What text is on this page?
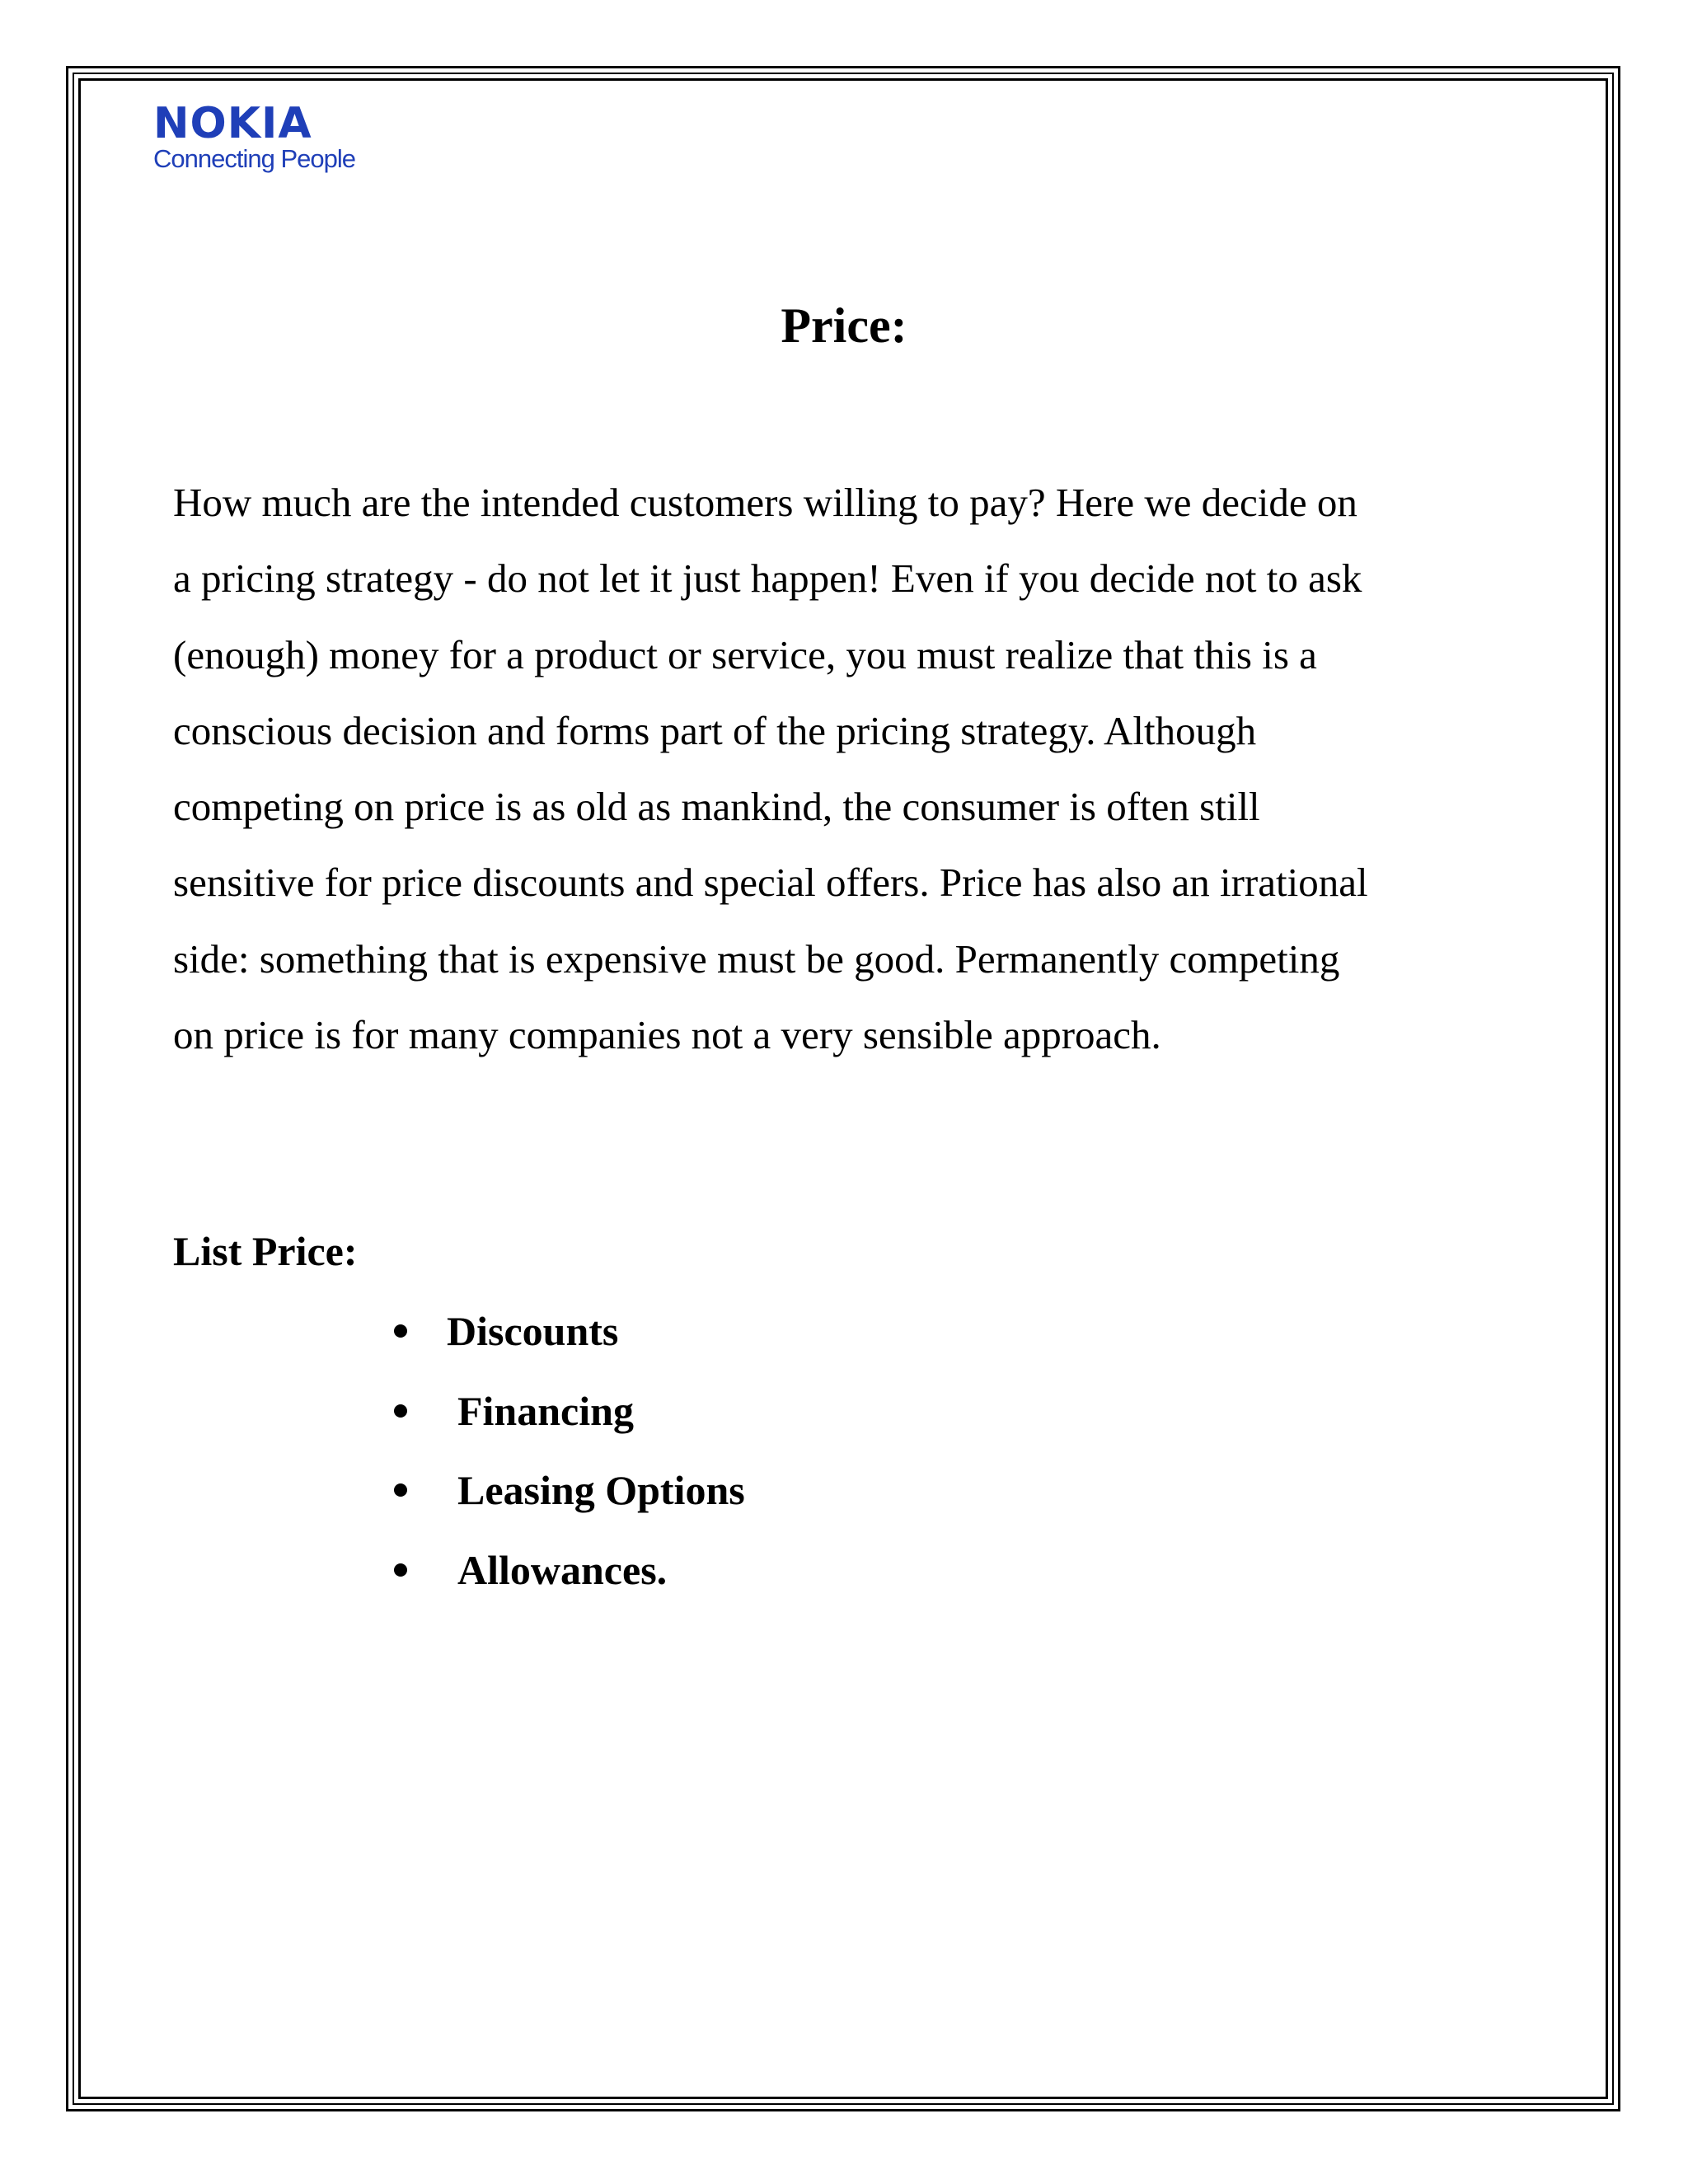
NOKIA
Connecting People
Price:

How much are the intended customers willing to pay? Here we decide on
a pricing strategy - do not let it just happen! Even if you decide not to ask
(enough) money for a product or service, you must realize that this is a
conscious decision and forms part of the pricing strategy. Although
competing on price is as old as mankind, the consumer is often still
sensitive for price discounts and special offers. Price has also an irrational
side: something that is expensive must be good. Permanently competing
on price is for many companies not a very sensible approach.

List Price:
Discounts
Financing
Leasing Options
Allowances.
